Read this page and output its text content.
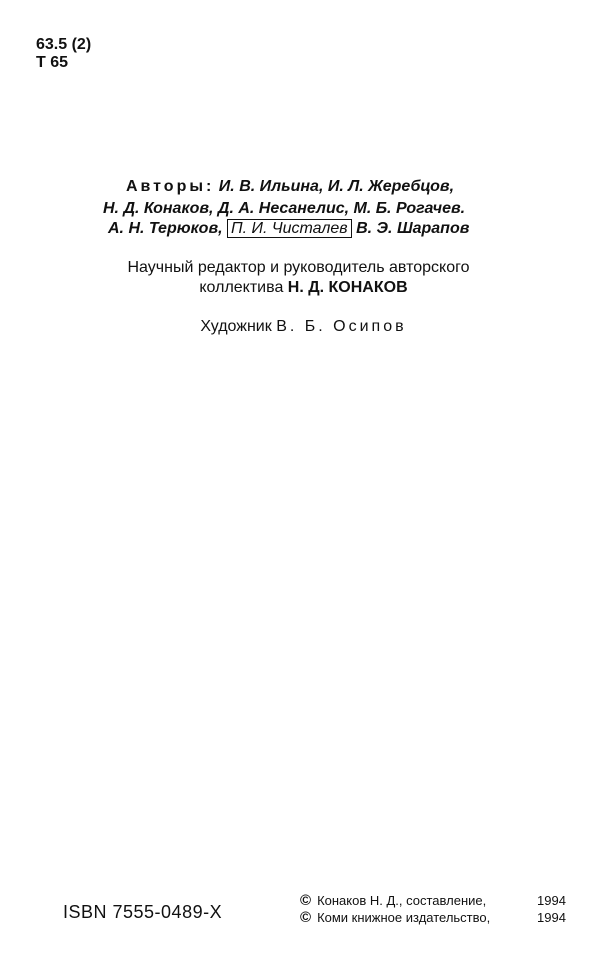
63.5 (2)
Т 65
Авторы: И. В. Ильина, И. Л. Жеребцов,
Н. Д. Конаков, Д. А. Несанелис, М. Б. Рогачев.
А. Н. Терюков, П. И. Чисталев В. Э. Шарапов
Научный редактор и руководитель авторского
коллектива Н. Д. КОНАКОВ
Художник В. Б. Осипов
ISBN 7555-0489-X
© Конаков Н. Д., составление,	1994
© Коми книжное издательство,	1994
